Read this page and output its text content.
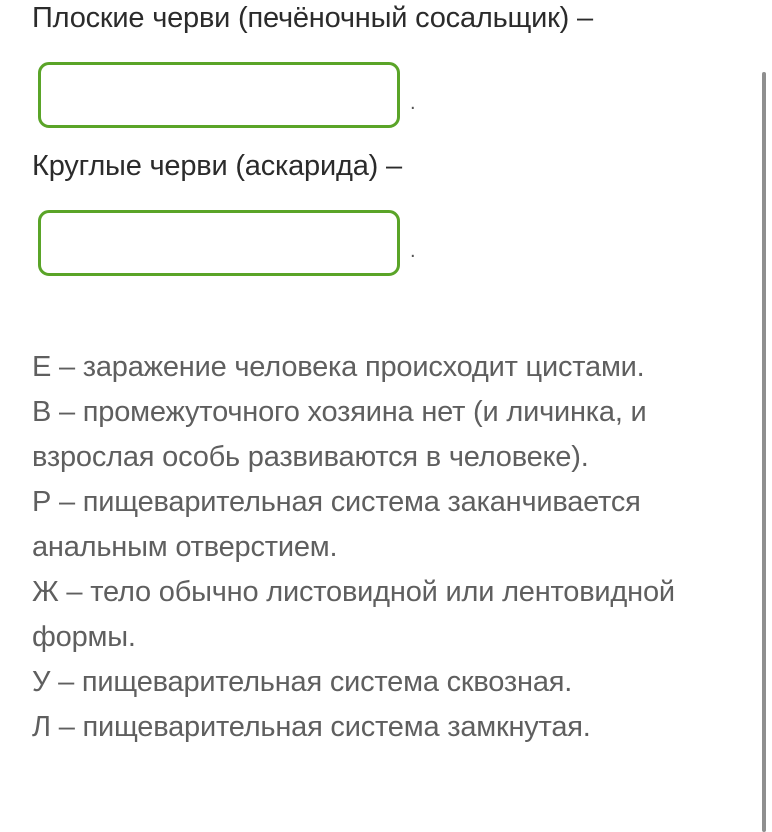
Плоские черви (печёночный сосальщик) –
.
Круглые черви (аскарида) –
.

Е – заражение человека происходит цистами.

В – промежуточного хозяина нет (и личинка, и взрослая особь развиваются в человеке).

Р – пищеварительная система заканчивается анальным отверстием.

Ж – тело обычно листовидной или лентовидной формы.

У – пищеварительная система сквозная.

Л – пищеварительная система замкнутая.
